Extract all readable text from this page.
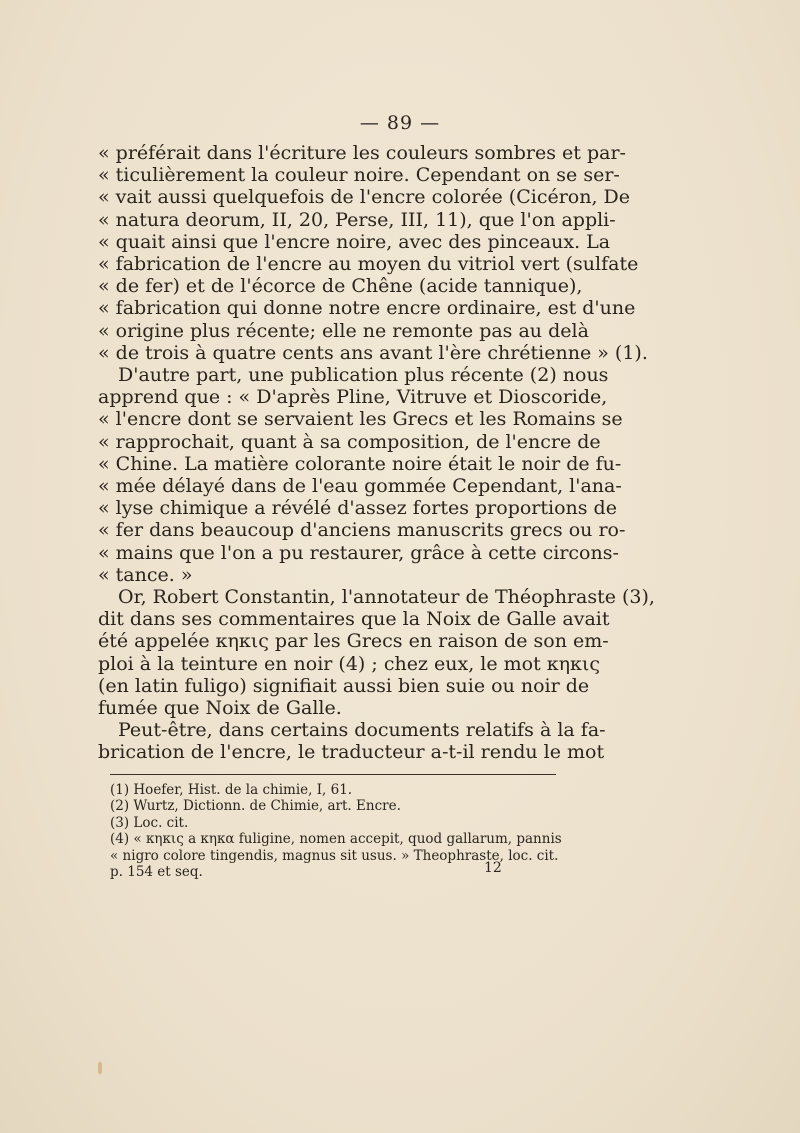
— 89 —
« préférait dans l'écriture les couleurs sombres et par-
« ticulièrement la couleur noire. Cependant on se ser-
« vait aussi quelquefois de l'encre colorée (Cicéron, De
« natura deorum, II, 20, Perse, III, 11), que l'on appli-
« quait ainsi que l'encre noire, avec des pinceaux. La
« fabrication de l'encre au moyen du vitriol vert (sulfate
« de fer) et de l'écorce de Chêne (acide tannique),
« fabrication qui donne notre encre ordinaire, est d'une
« origine plus récente; elle ne remonte pas au delà
« de trois à quatre cents ans avant l'ère chrétienne » (1).
D'autre part, une publication plus récente (2) nous
apprend que : « D'après Pline, Vitruve et Dioscoride,
« l'encre dont se servaient les Grecs et les Romains se
« rapprochait, quant à sa composition, de l'encre de
« Chine. La matière colorante noire était le noir de fu-
« mée délayé dans de l'eau gommée Cependant, l'ana-
« lyse chimique a révélé d'assez fortes proportions de
« fer dans beaucoup d'anciens manuscrits grecs ou ro-
« mains que l'on a pu restaurer, grâce à cette circons-
« tance. »
Or, Robert Constantin, l'annotateur de Théophraste (3),
dit dans ses commentaires que la Noix de Galle avait
été appelée κηκις par les Grecs en raison de son em-
ploi à la teinture en noir (4) ; chez eux, le mot κηκις
(en latin fuligo) signifiait aussi bien suie ou noir de
fumée que Noix de Galle.
Peut-être, dans certains documents relatifs à la fa-
brication de l'encre, le traducteur a-t-il rendu le mot
(1) Hoefer, Hist. de la chimie, I, 61.
(2) Wurtz, Dictionn. de Chimie, art. Encre.
(3) Loc. cit.
(4) « κηκις a κηκα fuligine, nomen accepit, quod gallarum, pannis
« nigro colore tingendis, magnus sit usus. » Theophraste, loc. cit.
p. 154 et seq.	12
